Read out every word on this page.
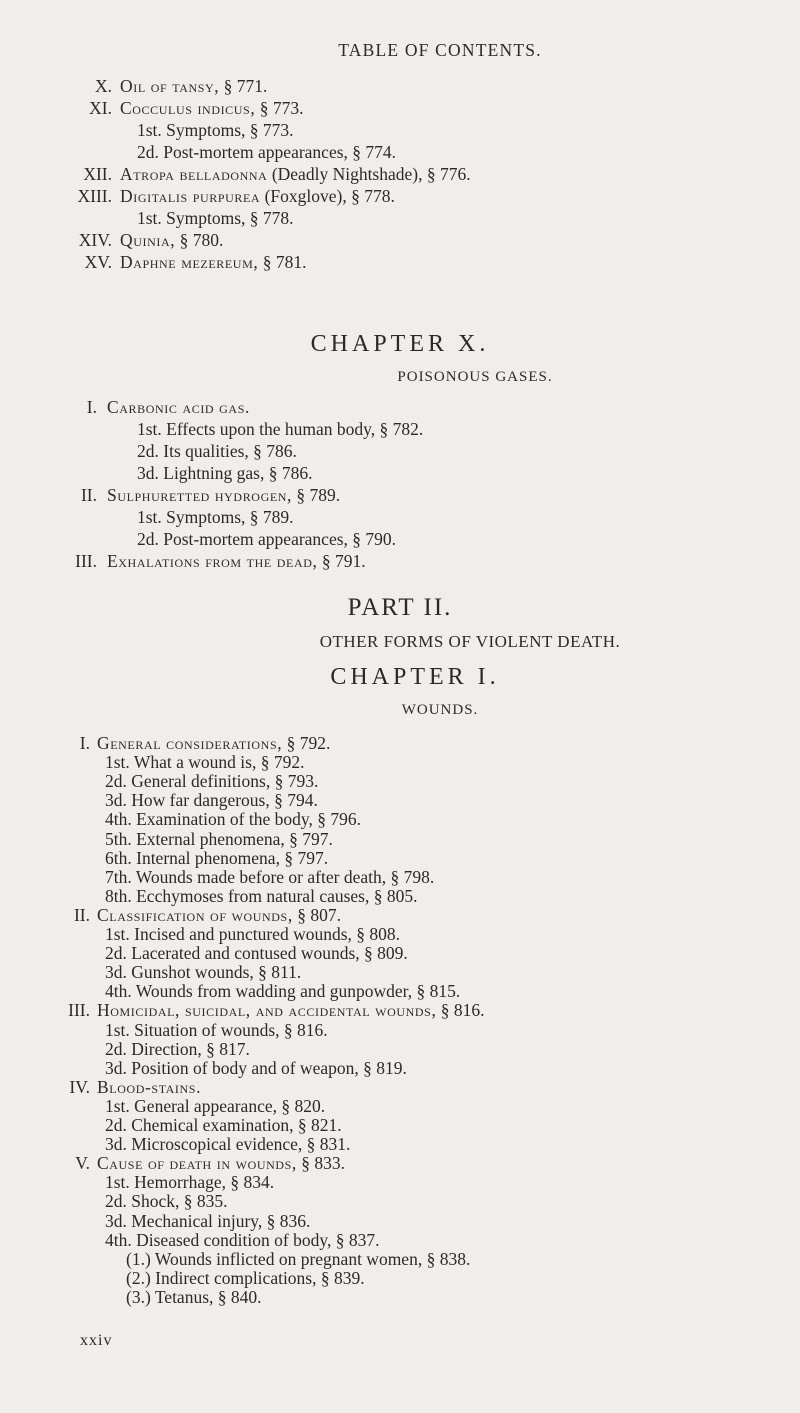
TABLE OF CONTENTS.
X. Oil of tansy, § 771.
XI. Cocculus indicus, § 773.
1st. Symptoms, § 773.
2d. Post-mortem appearances, § 774.
XII. Atropa belladonna (Deadly Nightshade), § 776.
XIII. Digitalis purpurea (Foxglove), § 778.
1st. Symptoms, § 778.
XIV. Quinia, § 780.
XV. Daphne mezereum, § 781.
CHAPTER X.
POISONOUS GASES.
I. Carbonic acid gas.
1st. Effects upon the human body, § 782.
2d. Its qualities, § 786.
3d. Lightning gas, § 786.
II. Sulphuretted hydrogen, § 789.
1st. Symptoms, § 789.
2d. Post-mortem appearances, § 790.
III. Exhalations from the dead, § 791.
PART II.
OTHER FORMS OF VIOLENT DEATH.
CHAPTER I.
WOUNDS.
I. General considerations, § 792.
1st. What a wound is, § 792.
2d. General definitions, § 793.
3d. How far dangerous, § 794.
4th. Examination of the body, § 796.
5th. External phenomena, § 797.
6th. Internal phenomena, § 797.
7th. Wounds made before or after death, § 798.
8th. Ecchymoses from natural causes, § 805.
II. Classification of wounds, § 807.
1st. Incised and punctured wounds, § 808.
2d. Lacerated and contused wounds, § 809.
3d. Gunshot wounds, § 811.
4th. Wounds from wadding and gunpowder, § 815.
III. Homicidal, suicidal, and accidental wounds, § 816.
1st. Situation of wounds, § 816.
2d. Direction, § 817.
3d. Position of body and of weapon, § 819.
IV. Blood-stains.
1st. General appearance, § 820.
2d. Chemical examination, § 821.
3d. Microscopical evidence, § 831.
V. Cause of death in wounds, § 833.
1st. Hemorrhage, § 834.
2d. Shock, § 835.
3d. Mechanical injury, § 836.
4th. Diseased condition of body, § 837.
(1.) Wounds inflicted on pregnant women, § 838.
(2.) Indirect complications, § 839.
(3.) Tetanus, § 840.
xxiv
